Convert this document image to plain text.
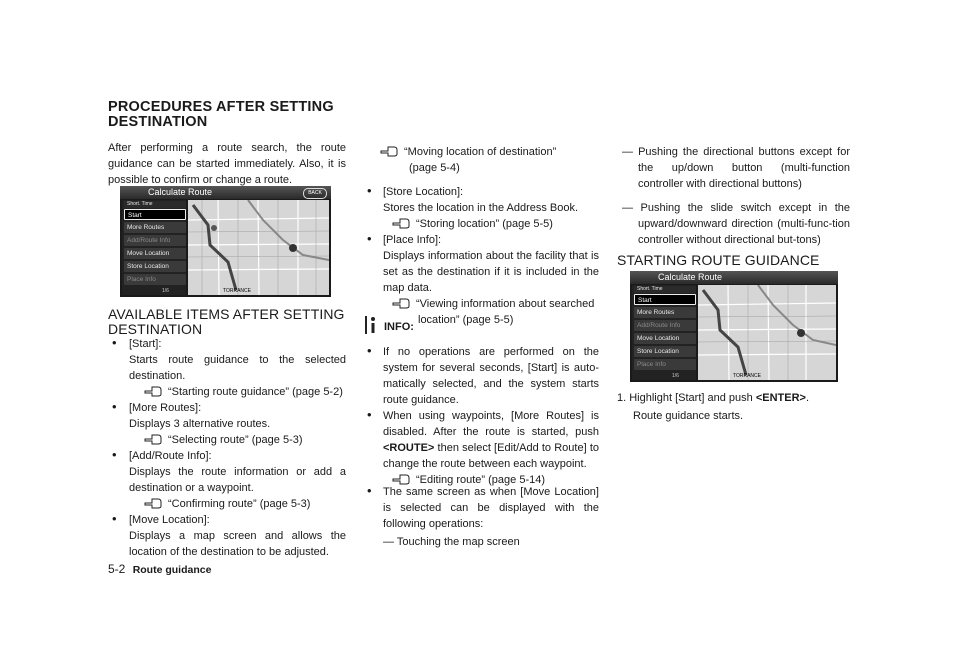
PROCEDURES AFTER SETTING
DESTINATION
After performing a route search, the route guidance can be started immediately. Also, it is possible to confirm or change a route.
Calculate Route	BACK
Short. Time
Start
More Routes
Add/Route Info
Move Location
Store Location
Place Info
1/6	TORRANCE
AVAILABLE ITEMS AFTER SETTING
DESTINATION
• [Start]:
Starts route guidance to the selected destination.
“Starting route guidance” (page 5-2)
• [More Routes]:
Displays 3 alternative routes.
“Selecting route” (page 5-3)
• [Add/Route Info]:
Displays the route information or add a destination or a waypoint.
“Confirming route” (page 5-3)
• [Move Location]:
Displays a map screen and allows the location of the destination to be adjusted.
5-2 Route guidance
“Moving location of destination”
(page 5-4)
• [Store Location]:
Stores the location in the Address Book.
“Storing location” (page 5-5)
• [Place Info]:
Displays information about the facility that is set as the destination if it is included in the map data.
“Viewing information about searched
location” (page 5-5)
INFO:
• If no operations are performed on the system for several seconds, [Start] is auto-matically selected, and the system starts route guidance.
• When using waypoints, [More Routes] is disabled. After the route is started, push <ROUTE> then select [Edit/Add to Route] to change the route between each waypoint.
“Editing route” (page 5-14)
• The same screen as when [Move Location] is selected can be displayed with the following operations:
— Touching the map screen
— Pushing the directional buttons except for the up/down button (multi-function controller with directional buttons)
— Pushing the slide switch except in the upward/downward direction (multi-func-tion controller without directional but-tons)
STARTING ROUTE GUIDANCE
Calculate Route
Short. Time
Start
More Routes
Add/Route Info
Move Location
Store Location
Place Info
1/6	TORRANCE
1. Highlight [Start] and push <ENTER>.
Route guidance starts.
